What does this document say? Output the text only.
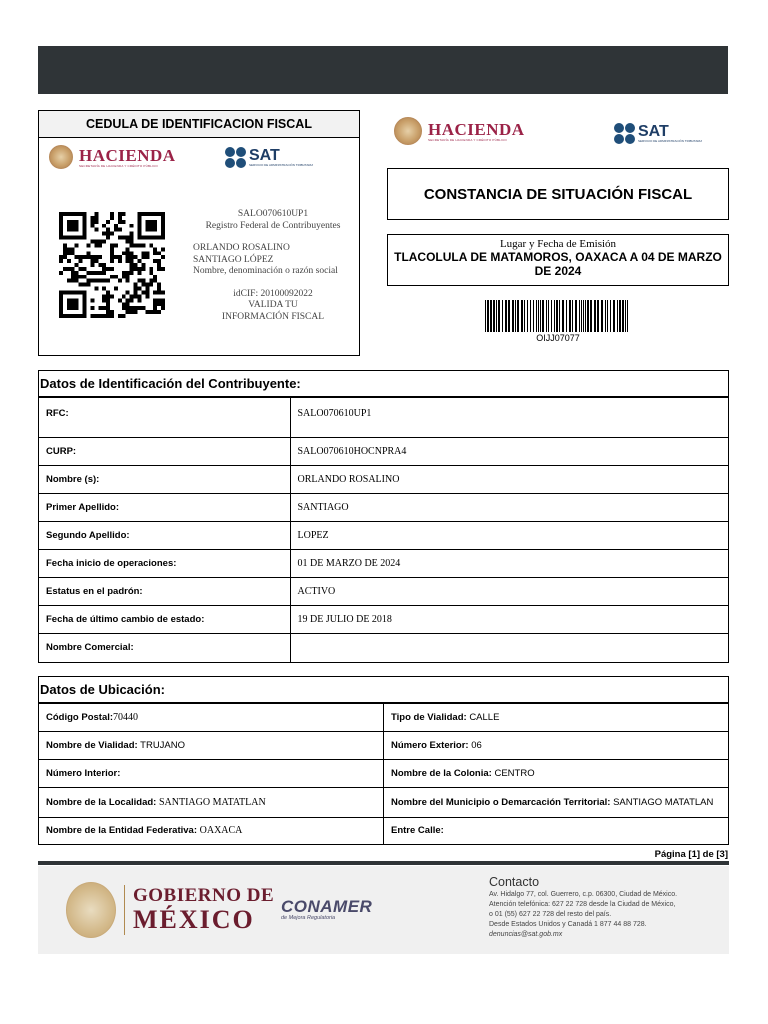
CEDULA DE IDENTIFICACION FISCAL
HACIENDA
SECRETARÍA DE HACIENDA Y CRÉDITO PÚBLICO
SAT
SERVICIO DE ADMINISTRACIÓN TRIBUTARIA
SALO070610UP1
Registro Federal de Contribuyentes
ORLANDO ROSALINO
SANTIAGO LÓPEZ
Nombre, denominación o razón social
idCIF: 20100092022
VALIDA TU
INFORMACIÓN FISCAL
HACIENDA
SECRETARÍA DE HACIENDA Y CRÉDITO PÚBLICO	SAT
SERVICIO DE ADMINISTRACIÓN TRIBUTARIA
CONSTANCIA DE SITUACIÓN FISCAL
Lugar y Fecha de Emisión
TLACOLULA DE MATAMOROS, OAXACA A 04 DE MARZO DE 2024
OIJJ07077
Datos de Identificación del Contribuyente:
RFC:	SALO070610UP1
CURP:	SALO070610HOCNPRA4
Nombre (s):	ORLANDO ROSALINO
Primer Apellido:	SANTIAGO
Segundo Apellido:	LOPEZ
Fecha inicio de operaciones:	01 DE MARZO DE 2024
Estatus en el padrón:	ACTIVO
Fecha de último cambio de estado:	19 DE JULIO DE 2018
Nombre Comercial:	
Datos de Ubicación:
Código Postal:70440	Tipo de Vialidad: CALLE
Nombre de Vialidad: TRUJANO	Número Exterior: 06
Número Interior:	Nombre de la Colonia: CENTRO
Nombre de la Localidad: SANTIAGO MATATLAN	Nombre del Municipio o Demarcación Territorial: SANTIAGO MATATLAN
Nombre de la Entidad Federativa: OAXACA	Entre Calle:
Página [1] de [3]
GOBIERNO DE
MÉXICO	CONAMER
de Mejora Regulatoria
Contacto
Av. Hidalgo 77, col. Guerrero, c.p. 06300, Ciudad de México.
Atención telefónica: 627 22 728 desde la Ciudad de México,
o 01 (55) 627 22 728 del resto del país.
Desde Estados Unidos y Canadá 1 877 44 88 728.
denuncias@sat.gob.mx
